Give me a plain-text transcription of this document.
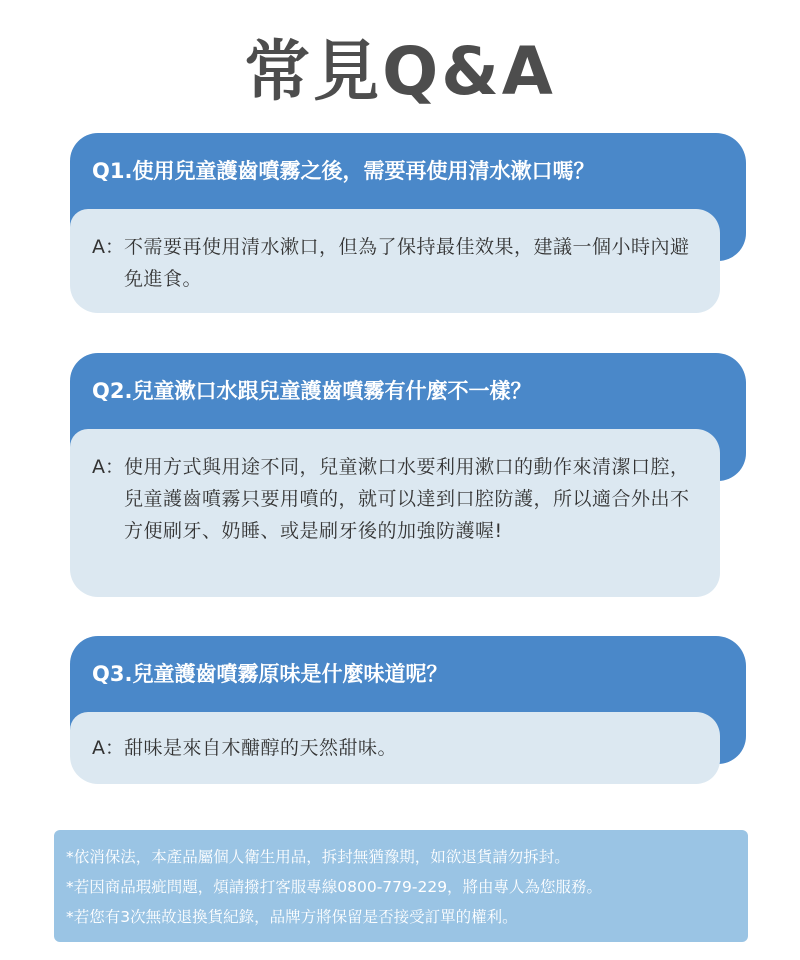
常見Q&A
Q1.使用兒童護齒噴霧之後，需要再使用清水漱口嗎？
A： 不需要再使用清水漱口，但為了保持最佳效果，建議一個小時內避免進食。
Q2.兒童漱口水跟兒童護齒噴霧有什麼不一樣？
A： 使用方式與用途不同，兒童漱口水要利用漱口的動作來清潔口腔，兒童護齒噴霧只要用噴的，就可以達到口腔防護，所以適合外出不方便刷牙、奶睡、或是刷牙後的加強防護喔!
Q3.兒童護齒噴霧原味是什麼味道呢？
A： 甜味是來自木醣醇的天然甜味。
*依消保法，本產品屬個人衛生用品，拆封無猶豫期，如欲退貨請勿拆封。
*若因商品瑕疵問題，煩請撥打客服專線0800-779-229，將由專人為您服務。
*若您有3次無故退換貨紀錄，品牌方將保留是否接受訂單的權利。
